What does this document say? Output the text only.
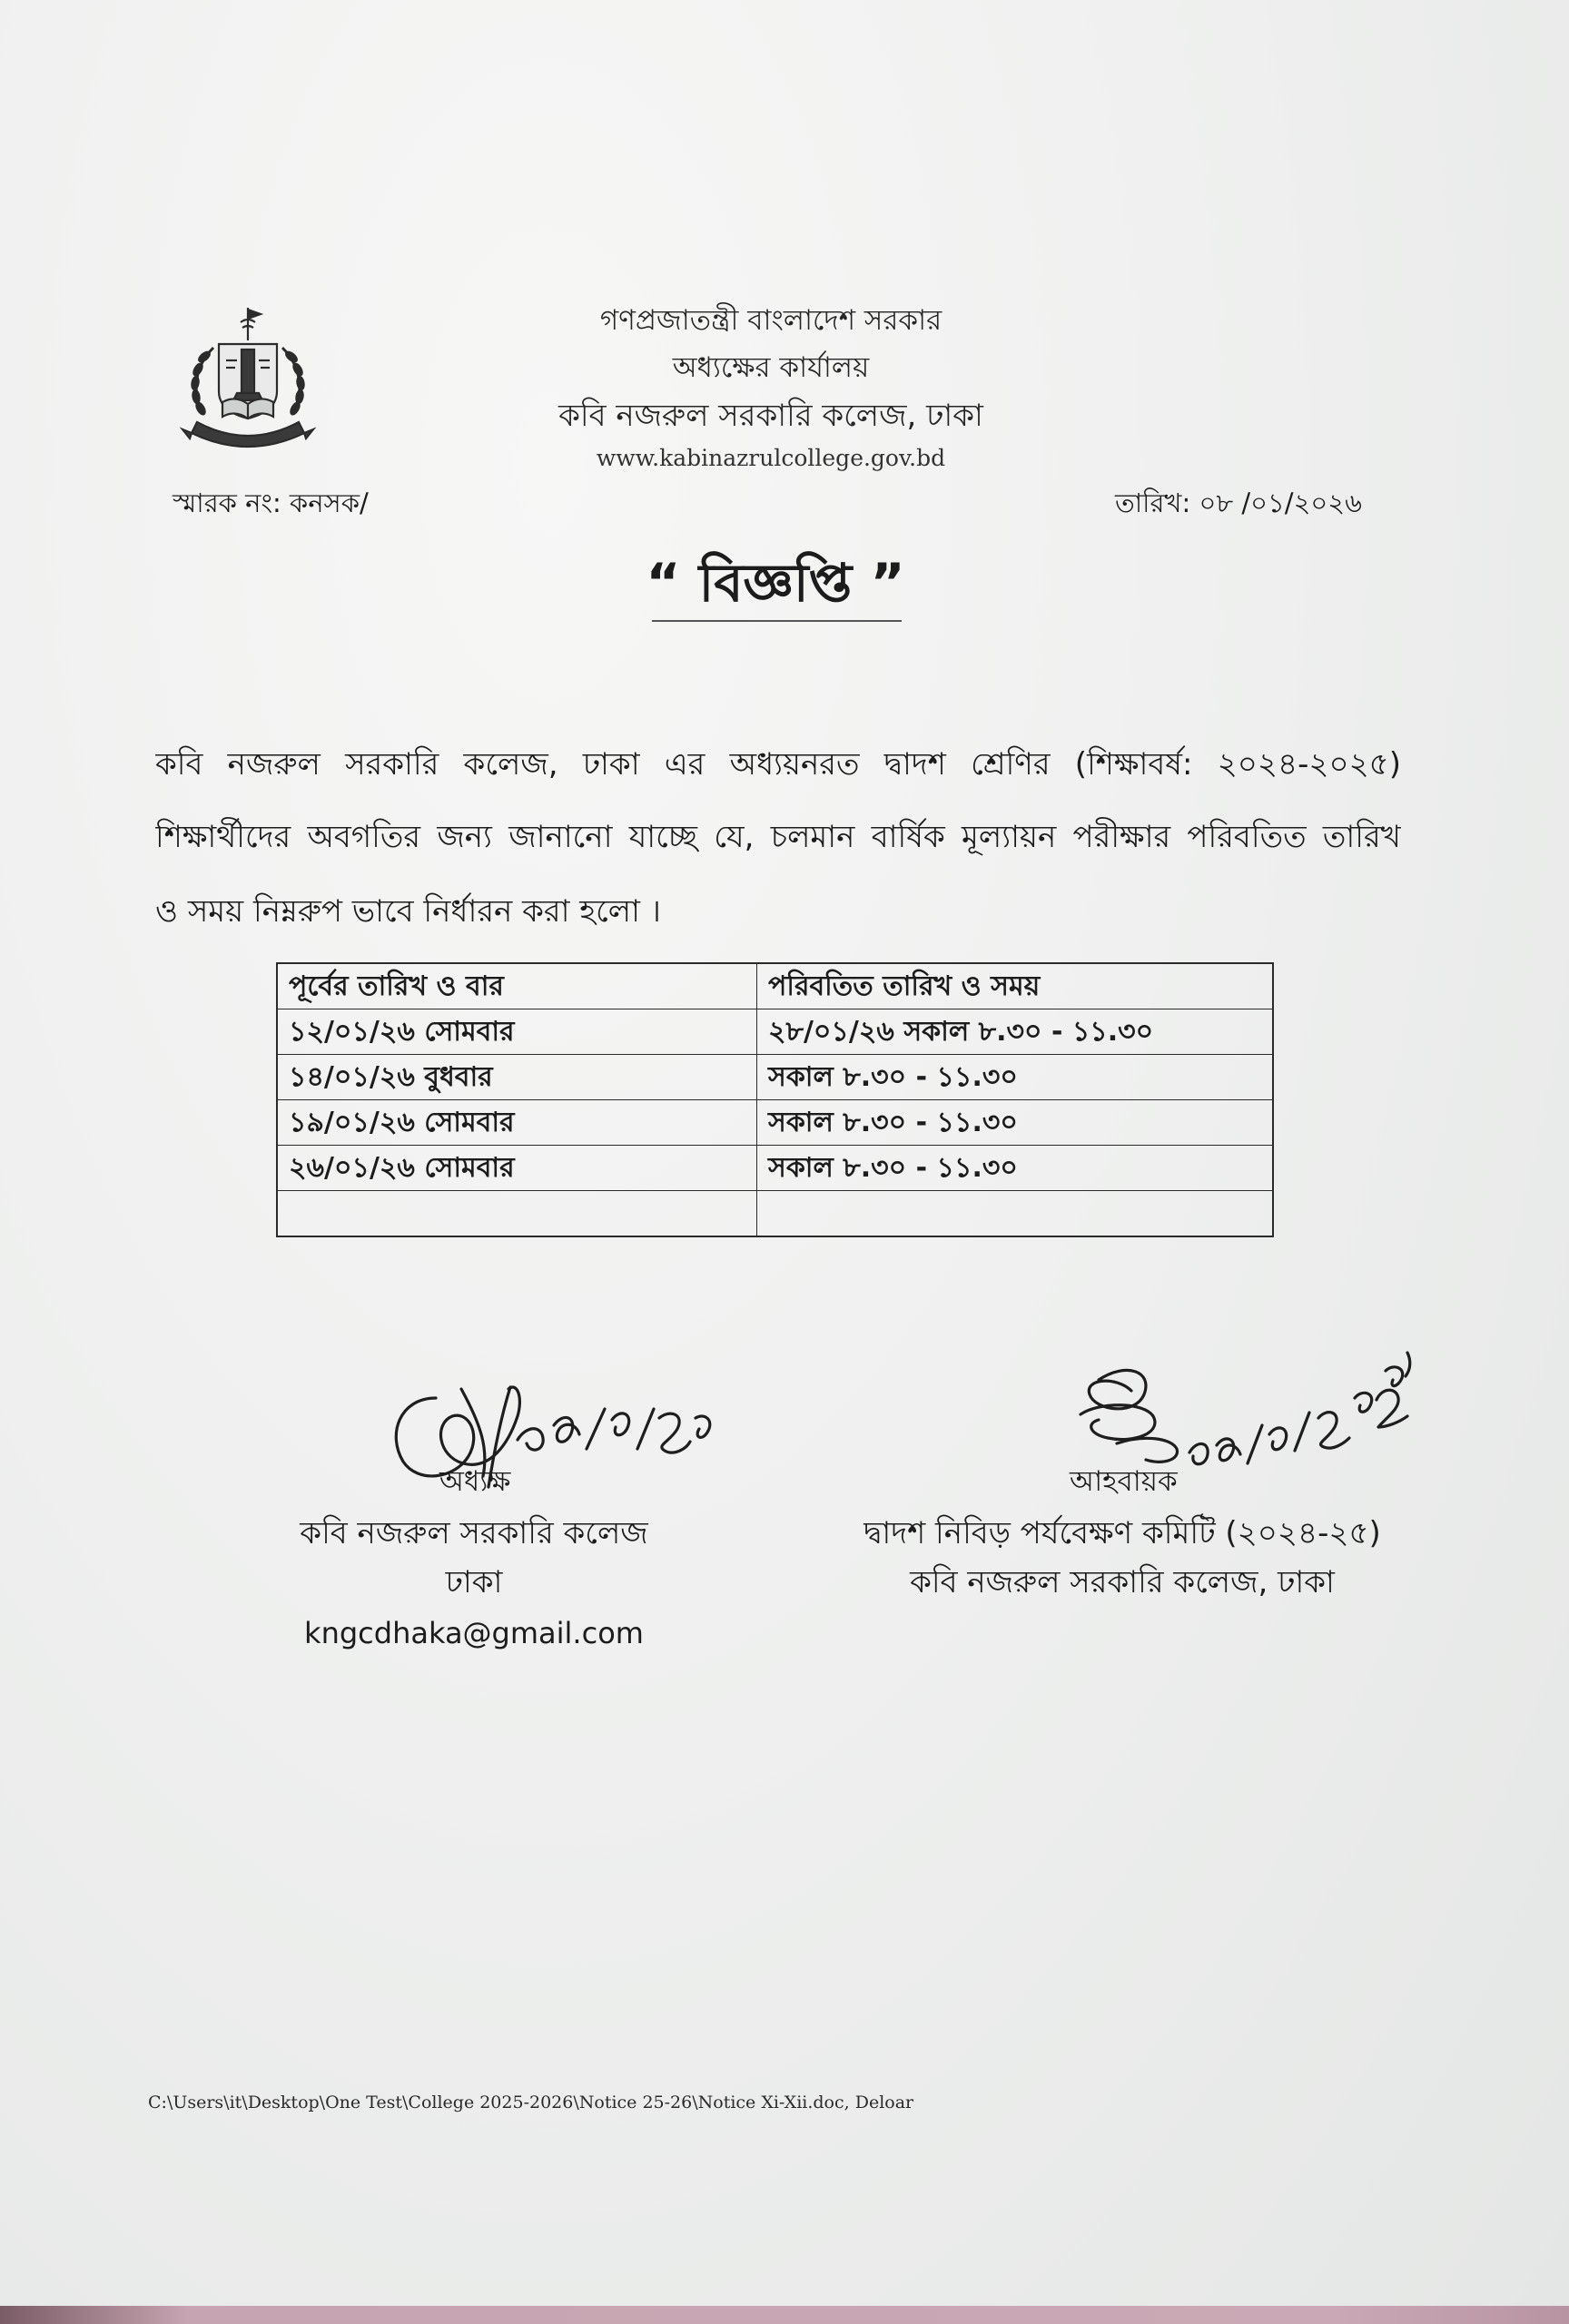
গণপ্রজাতন্ত্রী বাংলাদেশ সরকার
অধ্যক্ষের কার্যালয়
কবি নজরুল সরকারি কলেজ, ঢাকা
www.kabinazrulcollege.gov.bd
স্মারক নং: কনসক/	তারিখ: ০৮ /০১/২০২৬
“ বিজ্ঞপ্তি ”
কবি নজরুল সরকারি কলেজ, ঢাকা এর অধ্যয়নরত দ্বাদশ শ্রেণির (শিক্ষাবর্ষ: ২০২৪-২০২৫)
শিক্ষার্থীদের অবগতির জন্য জানানো যাচ্ছে যে, চলমান বার্ষিক মূল্যায়ন পরীক্ষার পরিবতিত তারিখ
ও সময় নিম্নরুপ ভাবে নির্ধারন করা হলো ।
পূর্বের তারিখ ও বার	পরিবতিত তারিখ ও সময়
১২/০১/২৬ সোমবার	২৮/০১/২৬ সকাল ৮.৩০ - ১১.৩০
১৪/০১/২৬ বুধবার	সকাল ৮.৩০ - ১১.৩০
১৯/০১/২৬ সোমবার	সকাল ৮.৩০ - ১১.৩০
২৬/০১/২৬ সোমবার	সকাল ৮.৩০ - ১১.৩০

অধ্যক্ষ
কবি নজরুল সরকারি কলেজ
ঢাকা
kngcdhaka@gmail.com
আহবায়ক
দ্বাদশ নিবিড় পর্যবেক্ষণ কমিটি (২০২৪-২৫)
কবি নজরুল সরকারি কলেজ, ঢাকা
C:\Users\it\Desktop\One Test\College 2025-2026\Notice 25-26\Notice Xi-Xii.doc, Deloar
